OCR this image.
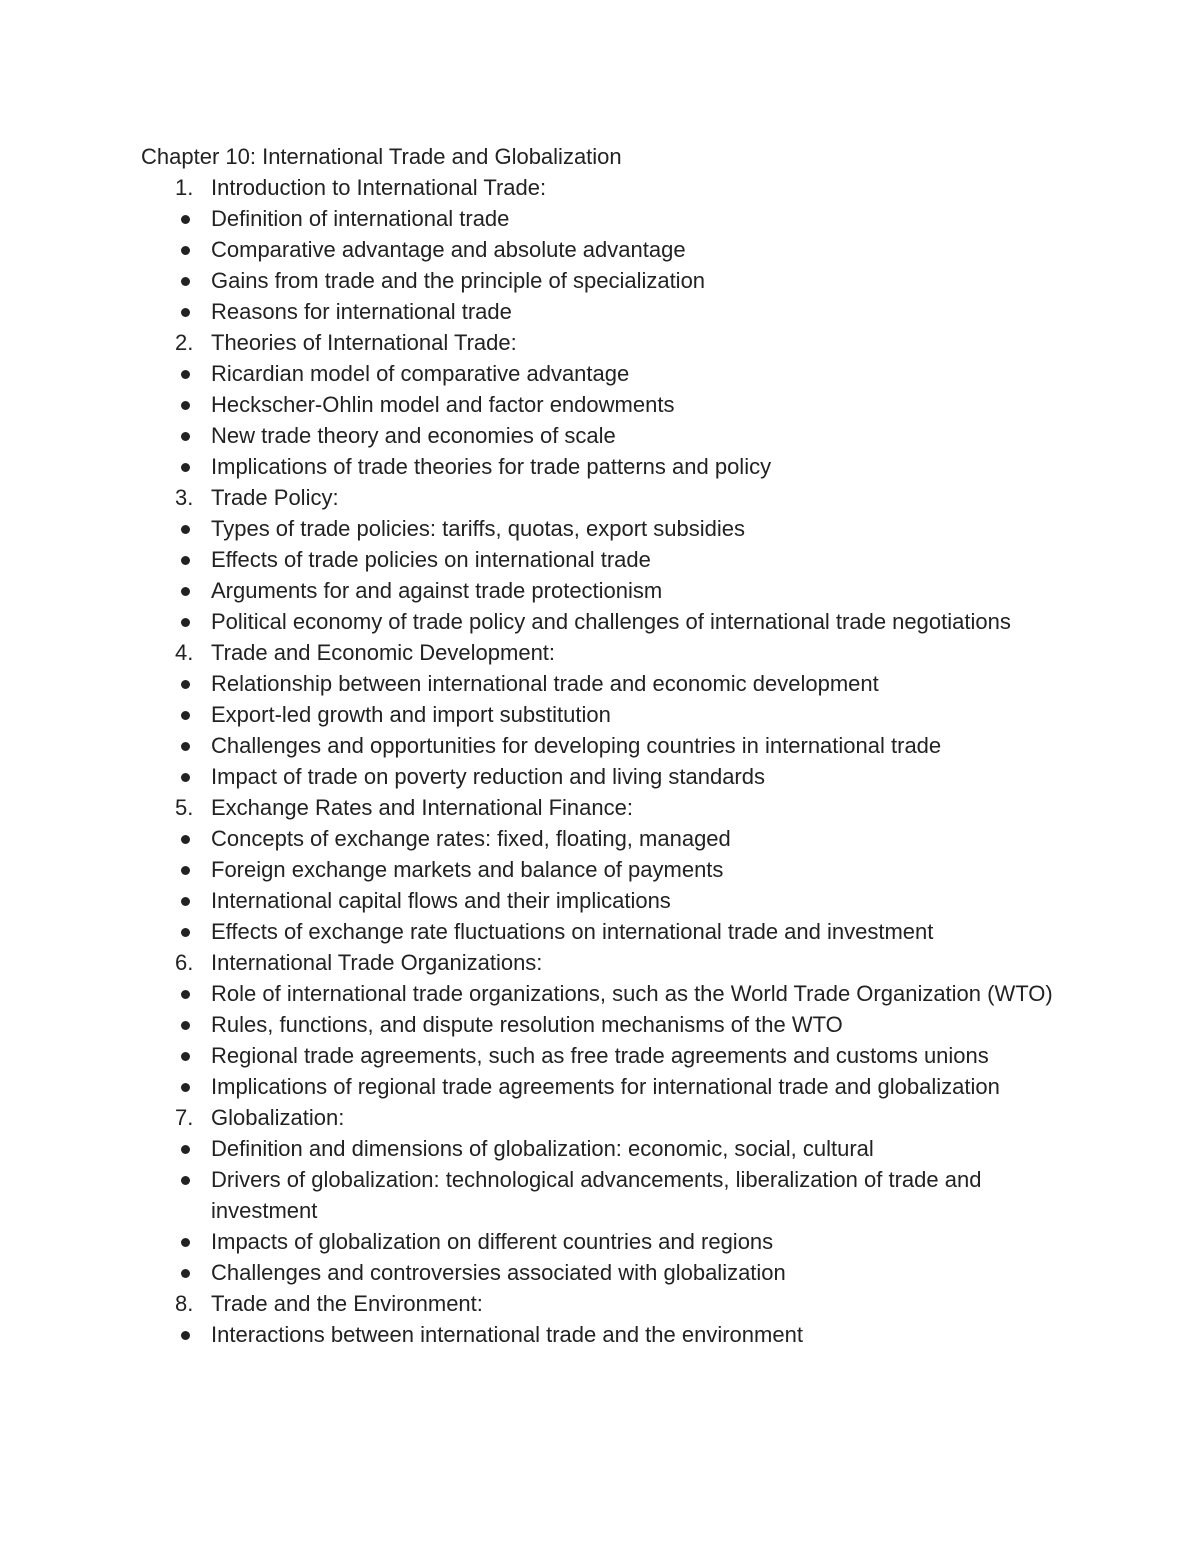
Chapter 10: International Trade and Globalization
1. Introduction to International Trade:
Definition of international trade
Comparative advantage and absolute advantage
Gains from trade and the principle of specialization
Reasons for international trade
2. Theories of International Trade:
Ricardian model of comparative advantage
Heckscher-Ohlin model and factor endowments
New trade theory and economies of scale
Implications of trade theories for trade patterns and policy
3. Trade Policy:
Types of trade policies: tariffs, quotas, export subsidies
Effects of trade policies on international trade
Arguments for and against trade protectionism
Political economy of trade policy and challenges of international trade negotiations
4. Trade and Economic Development:
Relationship between international trade and economic development
Export-led growth and import substitution
Challenges and opportunities for developing countries in international trade
Impact of trade on poverty reduction and living standards
5. Exchange Rates and International Finance:
Concepts of exchange rates: fixed, floating, managed
Foreign exchange markets and balance of payments
International capital flows and their implications
Effects of exchange rate fluctuations on international trade and investment
6. International Trade Organizations:
Role of international trade organizations, such as the World Trade Organization (WTO)
Rules, functions, and dispute resolution mechanisms of the WTO
Regional trade agreements, such as free trade agreements and customs unions
Implications of regional trade agreements for international trade and globalization
7. Globalization:
Definition and dimensions of globalization: economic, social, cultural
Drivers of globalization: technological advancements, liberalization of trade and investment
Impacts of globalization on different countries and regions
Challenges and controversies associated with globalization
8. Trade and the Environment:
Interactions between international trade and the environment
